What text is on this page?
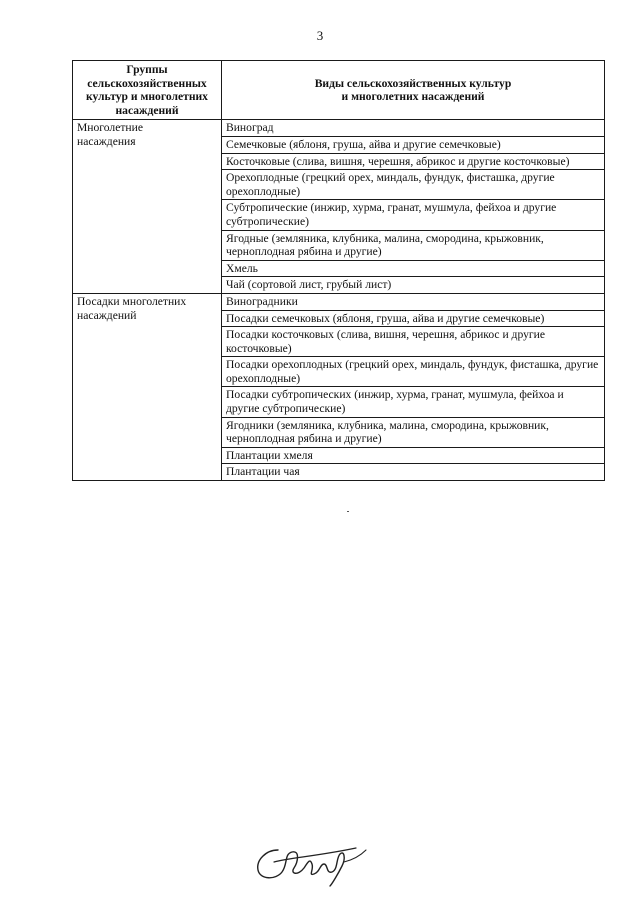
3
Группы
сельскохозяйственных
культур и многолетних
насаждений	Виды сельскохозяйственных культур
и многолетних насаждений
Многолетние
насаждения	Виноград
	Семечковые (яблоня, груша, айва и другие семечковые)
	Косточковые (слива, вишня, черешня, абрикос и другие косточковые)
	Орехоплодные (грецкий орех, миндаль, фундук, фисташка, другие орехоплодные)
	Субтропические (инжир, хурма, гранат, мушмула, фейхоа и другие субтропические)
	Ягодные (земляника, клубника, малина, смородина, крыжовник, черноплодная рябина и другие)
	Хмель
	Чай (сортовой лист, грубый лист)
Посадки многолетних
насаждений	Виноградники
	Посадки семечковых (яблоня, груша, айва и другие семечковые)
	Посадки косточковых (слива, вишня, черешня, абрикос и другие косточковые)
	Посадки орехоплодных (грецкий орех, миндаль, фундук, фисташка, другие орехоплодные)
	Посадки субтропических (инжир, хурма, гранат, мушмула, фейхоа и другие субтропические)
	Ягодники (земляника, клубника, малина, смородина, крыжовник, черноплодная рябина и другие)
	Плантации хмеля
	Плантации чая
